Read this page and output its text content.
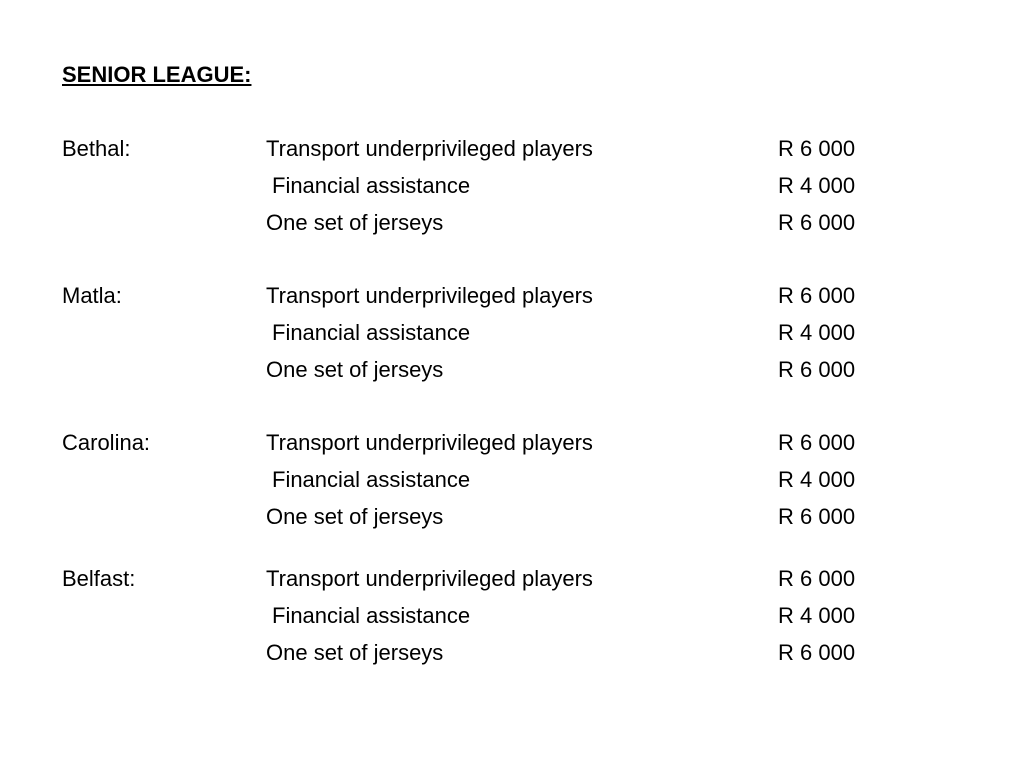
SENIOR LEAGUE:
Bethal:	Transport underprivileged players	R 6 000
Financial assistance	R 4 000
One set of jerseys	R 6 000
Matla:	Transport underprivileged players	R 6 000
Financial assistance	R 4 000
One set of jerseys	R 6 000
Carolina:	Transport underprivileged players	R 6 000
Financial assistance	R 4 000
One set of jerseys	R 6 000
Belfast:	Transport underprivileged players	R 6 000
Financial assistance	R 4 000
One set of jerseys	R 6 000
